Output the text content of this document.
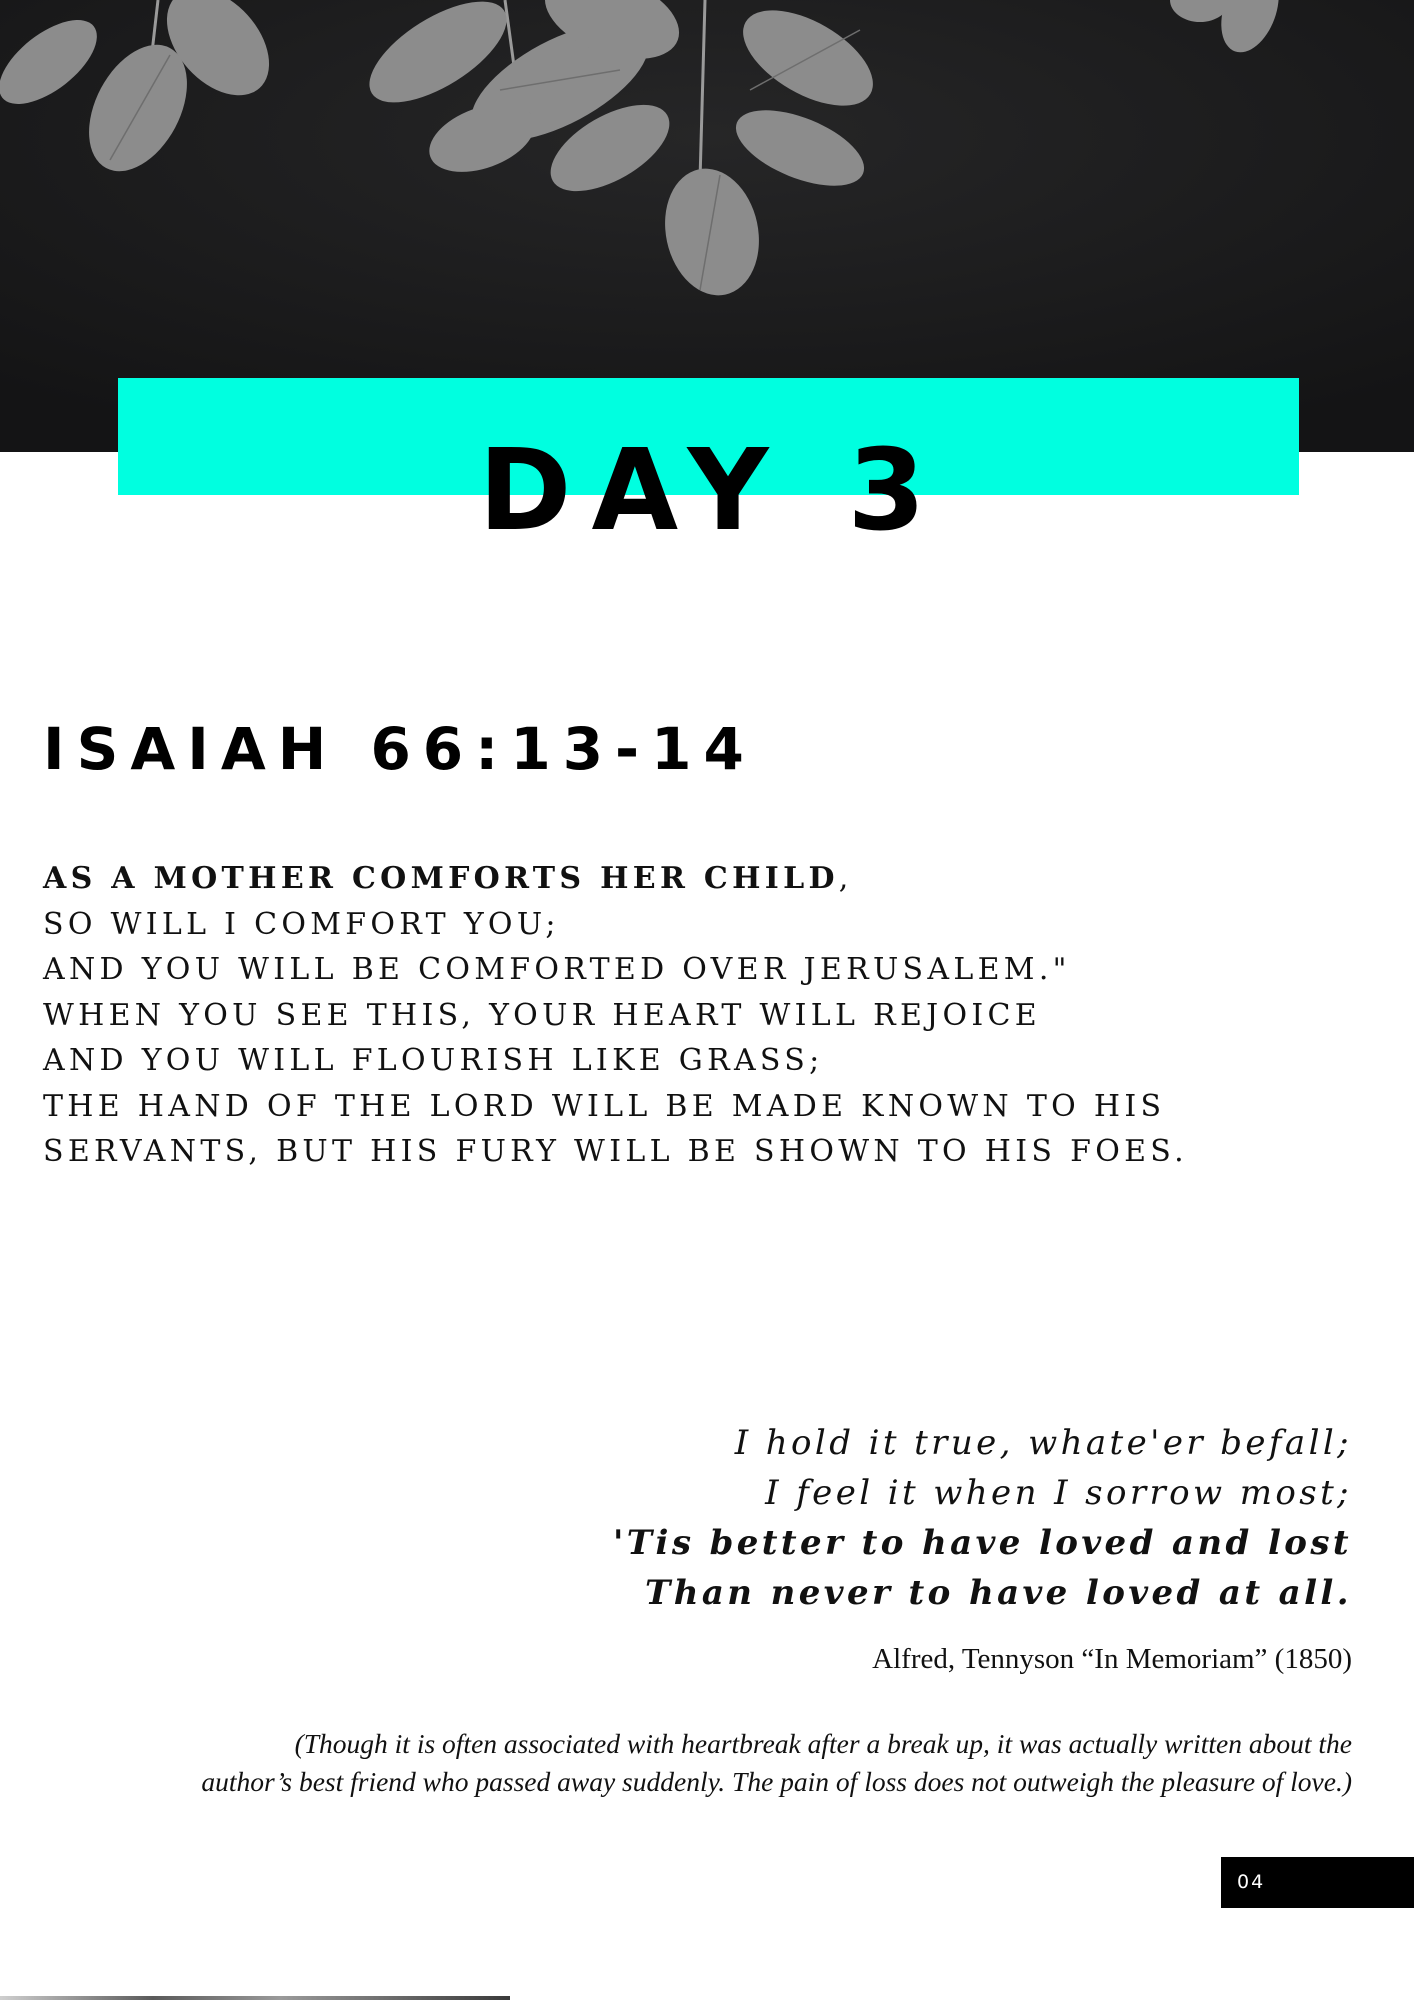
DAY 3
ISAIAH 66:13-14
AS A MOTHER COMFORTS HER CHILD,
SO WILL I COMFORT YOU;
AND YOU WILL BE COMFORTED OVER JERUSALEM."
WHEN YOU SEE THIS, YOUR HEART WILL REJOICE
AND YOU WILL FLOURISH LIKE GRASS;
THE HAND OF THE LORD WILL BE MADE KNOWN TO HIS
SERVANTS, BUT HIS FURY WILL BE SHOWN TO HIS FOES.
I hold it true, whate'er befall;
I feel it when I sorrow most;
'Tis better to have loved and lost
Than never to have loved at all.
Alfred, Tennyson “In Memoriam” (1850)
(Though it is often associated with heartbreak after a break up, it was actually written about the
author’s best friend who passed away suddenly. The pain of loss does not outweigh the pleasure of love.)
04
